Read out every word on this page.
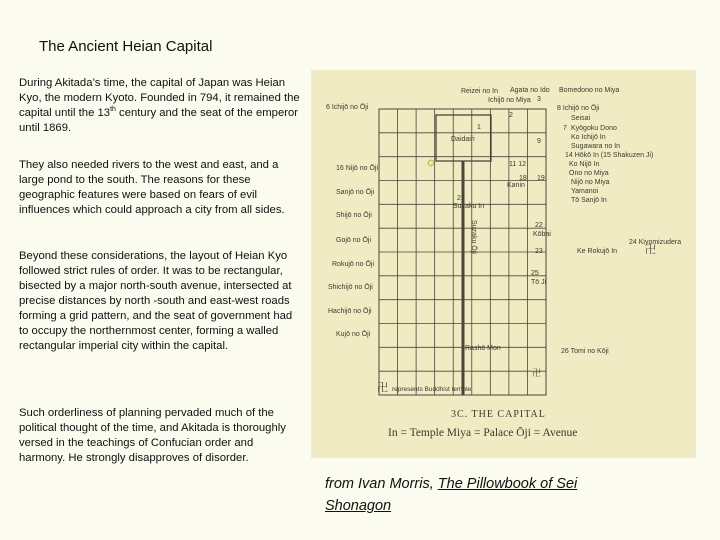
The Ancient Heian Capital

During Akitada’s time, the capital of Japan was Heian Kyo, the modern Kyoto. Founded in 794, it remained the capital until the 13th century and the seat of the emperor until 1869.

They also needed rivers to the west and east, and a large pond to the south. The reasons for these geographic features were based on fears of evil influences which could approach a city from all sides.

Beyond these considerations, the layout of Heian Kyo followed strict rules of order. It was to be rectangular, bisected by a major north-south avenue, intersected at precise distances by north -south and east-west roads forming a grid pattern, and the seat of government had to occupy the northernmost center, forming a walled rectangular imperial city within the capital.

Such orderliness of planning pervaded much of the political thought of the time, and Akitada is thoroughly versed in the teachings of Confucian order and harmony. He strongly disapproves of disorder.

卍
卍
Reizei no In Agata no Ido Bomedono no Miya
Ichijō no Miya
6 Ichijō no Ōji
16 Nijō no Ōji
Sanjō no Ōji
Shijō no Ōji
Gojō no Ōji
Rokujō no Ōji
Shichijō no Ōji
Hachijō no Ōji
Kujō no Ōji
8 Ichijō no Ōji
Seisai
Kyōgoku Dono
Ko Ichijō In
Sugawara no In
14 Hōkō In (15 Shakuzen Ji)
Ko Nijō In
Ono no Miya
Nijō no Miya
Yamanoi
Tō Sanjō In
24 Kiyomizudera
Ke Rokujō In
26 Tomi no Kōji
Daidairi
1
2
3
7
9
11 12
18 19
Kanin
21
Suzaku In
Suzaku Ōji	22
Kōbai
23
25
Tō Ji
Rashō Mon
卍represents Buddhist temple
3C. THE CAPITAL
In = Temple Miya = Palace Ōji = Avenue

from Ivan Morris, The Pillowbook of Sei Shonagon
